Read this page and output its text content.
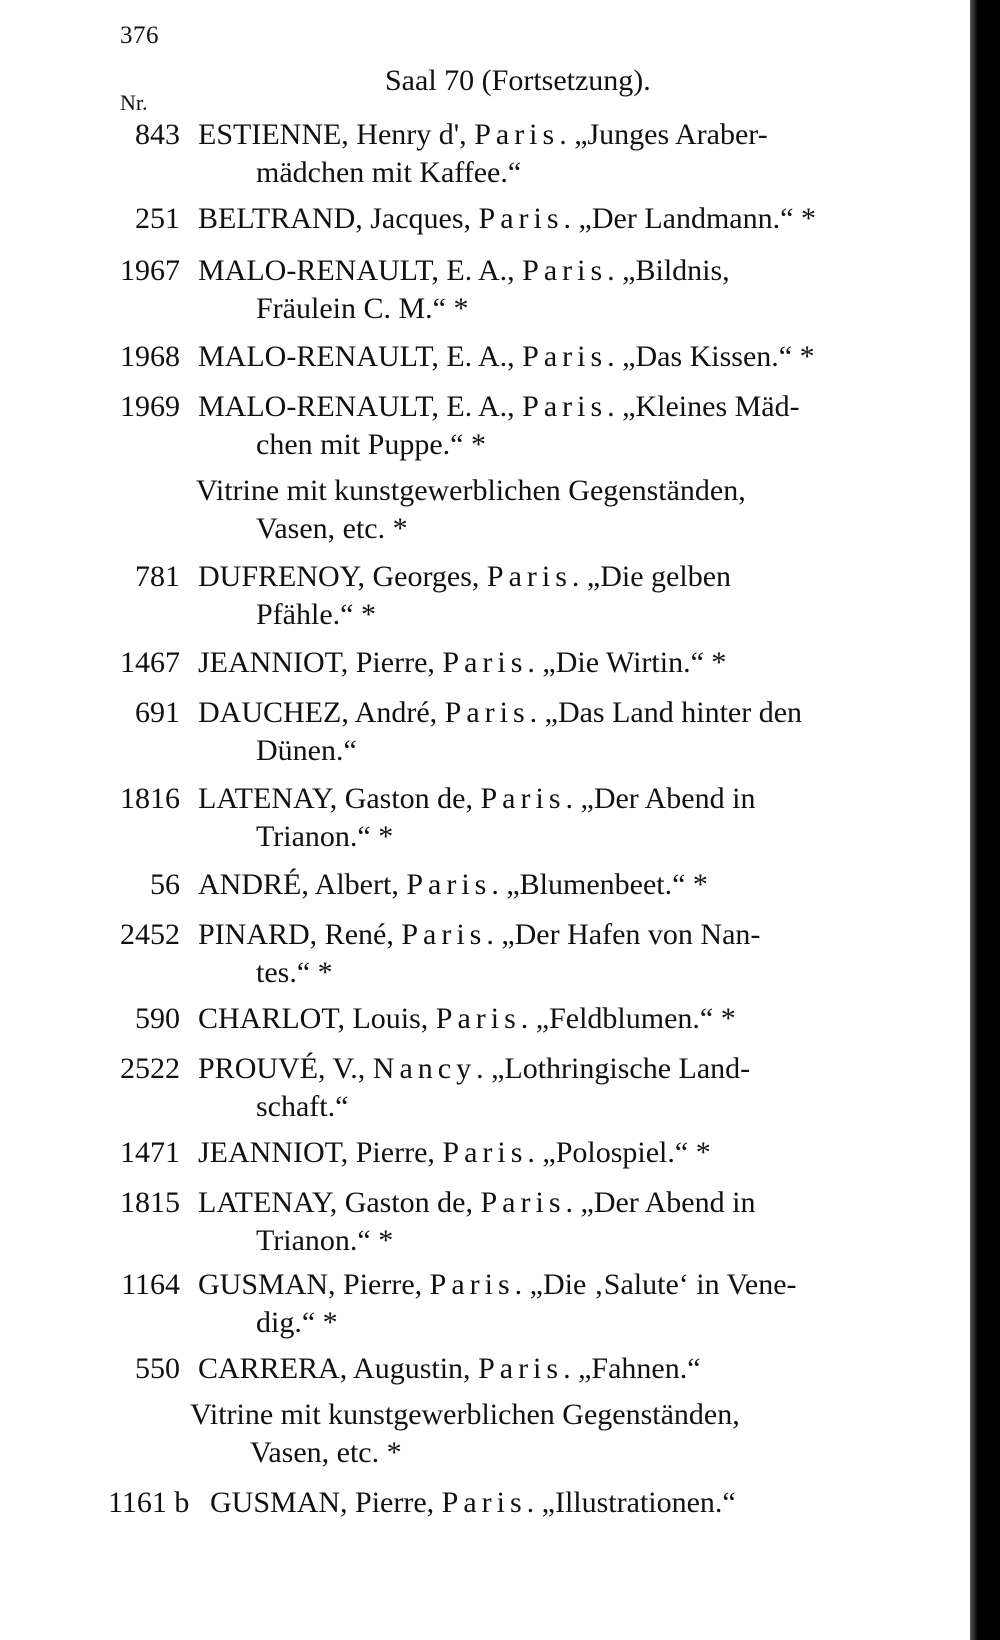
376
Saal 70 (Fortsetzung).
Nr.
843 ESTIENNE, Henry d', Paris. „Junges Araber-
mädchen mit Kaffee.“
251 BELTRAND, Jacques, Paris. „Der Landmann.“ *
1967 MALO-RENAULT, E. A., Paris. „Bildnis,
Fräulein C. M.“ *
1968 MALO-RENAULT, E. A., Paris. „Das Kissen.“ *
1969 MALO-RENAULT, E. A., Paris. „Kleines Mäd-
chen mit Puppe.“ *
Vitrine mit kunstgewerblichen Gegenständen,
Vasen, etc. *
781 DUFRENOY, Georges, Paris. „Die gelben
Pfähle.“ *
1467 JEANNIOT, Pierre, Paris. „Die Wirtin.“ *
691 DAUCHEZ, André, Paris. „Das Land hinter den
Dünen.“
1816 LATENAY, Gaston de, Paris. „Der Abend in
Trianon.“ *
56 ANDRÉ, Albert, Paris. „Blumenbeet.“ *
2452 PINARD, René, Paris. „Der Hafen von Nan-
tes.“ *
590 CHARLOT, Louis, Paris. „Feldblumen.“ *
2522 PROUVÉ, V., Nancy. „Lothringische Land-
schaft.“
1471 JEANNIOT, Pierre, Paris. „Polospiel.“ *
1815 LATENAY, Gaston de, Paris. „Der Abend in
Trianon.“ *
1164 GUSMAN, Pierre, Paris. „Die ‚Salute‘ in Vene-
dig.“ *
550 CARRERA, Augustin, Paris. „Fahnen.“
Vitrine mit kunstgewerblichen Gegenständen,
Vasen, etc. *
1161 b GUSMAN, Pierre, Paris. „Illustrationen.“
